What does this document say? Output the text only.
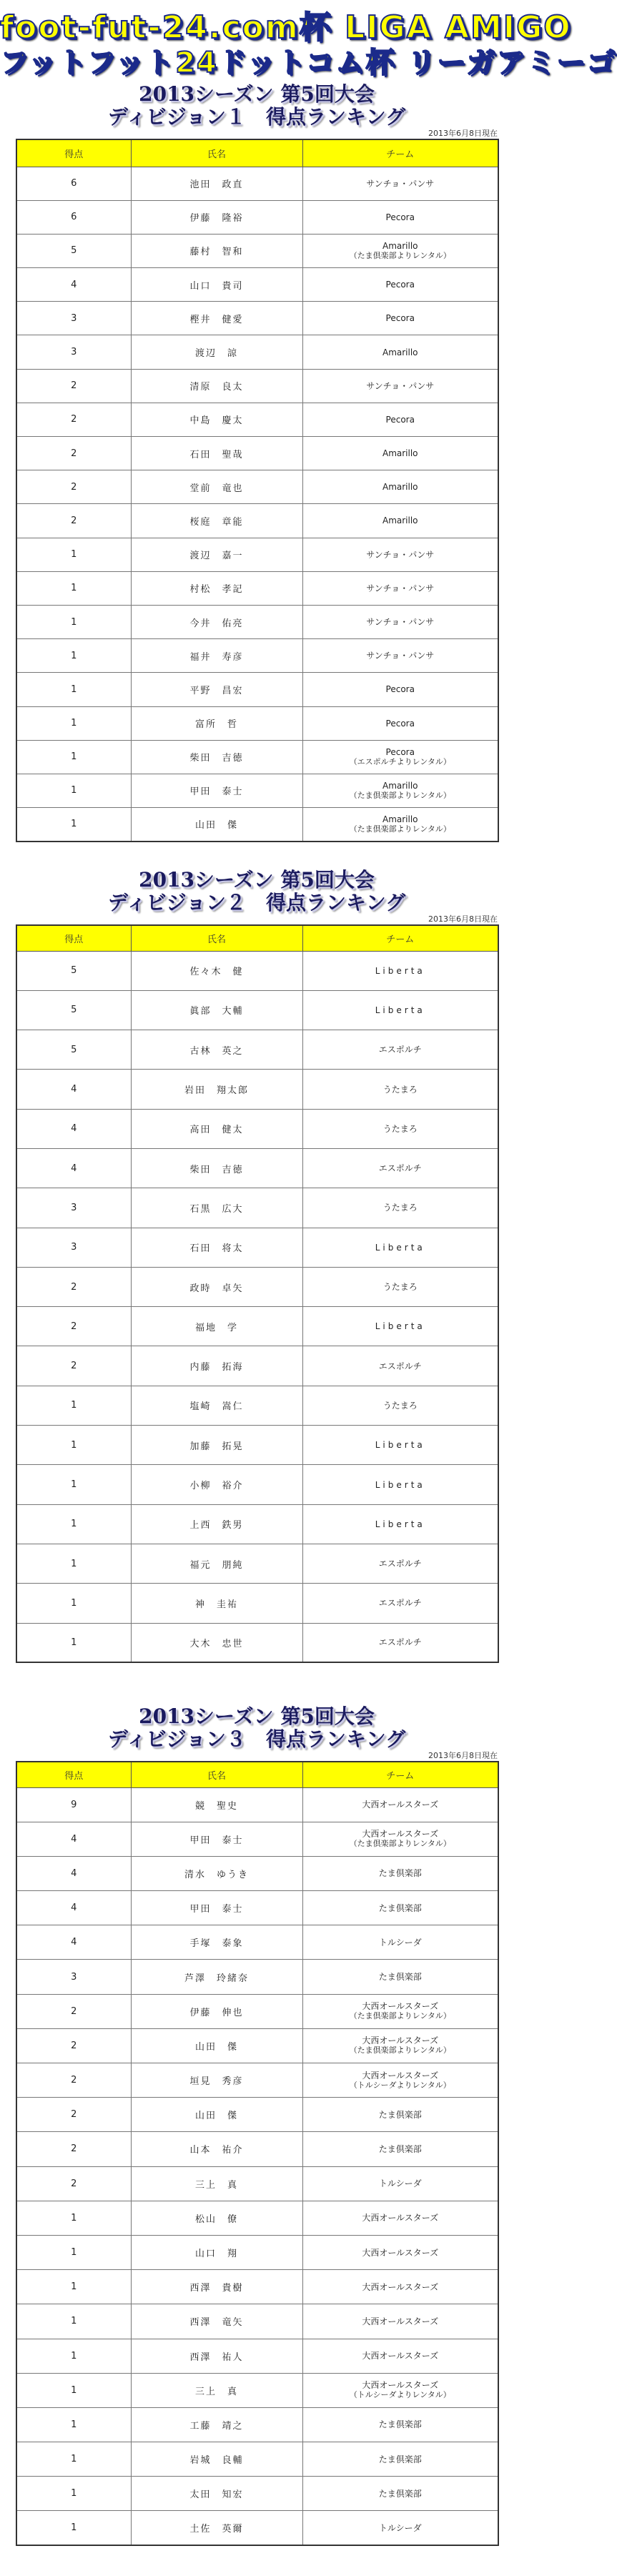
foot-fut-24.com杯 LIGA AMIGO
フットフット24ドットコム杯 リーガアミーゴ
2013シーズン 第5回大会
ディビジョン１　得点ランキング
2013年6月8日現在
得点	氏名	チーム
6	池田　政直	サンチョ・パンサ
6	伊藤　隆裕	Pecora
5	藤村　智和	Amarillo
（たま倶楽部よりレンタル）

4	山口　貴司	Pecora
3	樫井　健愛	Pecora
3	渡辺　諒	Amarillo
2	清原　良太	サンチョ・パンサ
2	中島　慶太	Pecora
2	石田　聖哉	Amarillo
2	堂前　竜也	Amarillo
2	桜庭　章能	Amarillo
1	渡辺　嘉一	サンチョ・パンサ
1	村松　孝記	サンチョ・パンサ
1	今井　佑亮	サンチョ・パンサ
1	福井　寿彦	サンチョ・パンサ
1	平野　昌宏	Pecora
1	富所　哲	Pecora
1	柴田　吉徳	Pecora
（エスポルチよりレンタル）

1	甲田　泰士	Amarillo
（たま倶楽部よりレンタル）

1	山田　傑	Amarillo
（たま倶楽部よりレンタル）
2013シーズン 第5回大会
ディビジョン２　得点ランキング
2013年6月8日現在
得点	氏名	チーム
5	佐々木　健	Liberta
5	眞部　大輔	Liberta
5	古林　英之	エスポルチ
4	岩田　翔太郎	うたまろ
4	高田　健太	うたまろ
4	柴田　吉徳	エスポルチ
3	石黒　広大	うたまろ
3	石田　将太	Liberta
2	政時　卓矢	うたまろ
2	福地　学	Liberta
2	内藤　拓海	エスポルチ
1	塩崎　嵩仁	うたまろ
1	加藤　拓晃	Liberta
1	小柳　裕介	Liberta
1	上西　鉄男	Liberta
1	福元　朋純	エスポルチ
1	神　圭祐	エスポルチ
1	大木　忠世	エスポルチ
2013シーズン 第5回大会
ディビジョン３　得点ランキング
2013年6月8日現在
得点	氏名	チーム
9	競　聖史	大西オールスターズ
4	甲田　泰士	大西オールスターズ
（たま倶楽部よりレンタル）

4	清水　ゆうき	たま倶楽部
4	甲田　泰士	たま倶楽部
4	手塚　泰象	トルシーダ
3	芦澤　玲緒奈	たま倶楽部
2	伊藤　伸也	大西オールスターズ
（たま倶楽部よりレンタル）

2	山田　傑	大西オールスターズ
（たま倶楽部よりレンタル）

2	垣見　秀彦	大西オールスターズ
（トルシーダよりレンタル）

2	山田　傑	たま倶楽部
2	山本　祐介	たま倶楽部
2	三上　真	トルシーダ
1	松山　僚	大西オールスターズ
1	山口　翔	大西オールスターズ
1	西澤　貴樹	大西オールスターズ
1	西澤　竜矢	大西オールスターズ
1	西澤　祐人	大西オールスターズ
1	三上　真	大西オールスターズ
（トルシーダよりレンタル）

1	工藤　靖之	たま倶楽部
1	岩城　良輔	たま倶楽部
1	太田　知宏	たま倶楽部
1	土佐　英爾	トルシーダ
